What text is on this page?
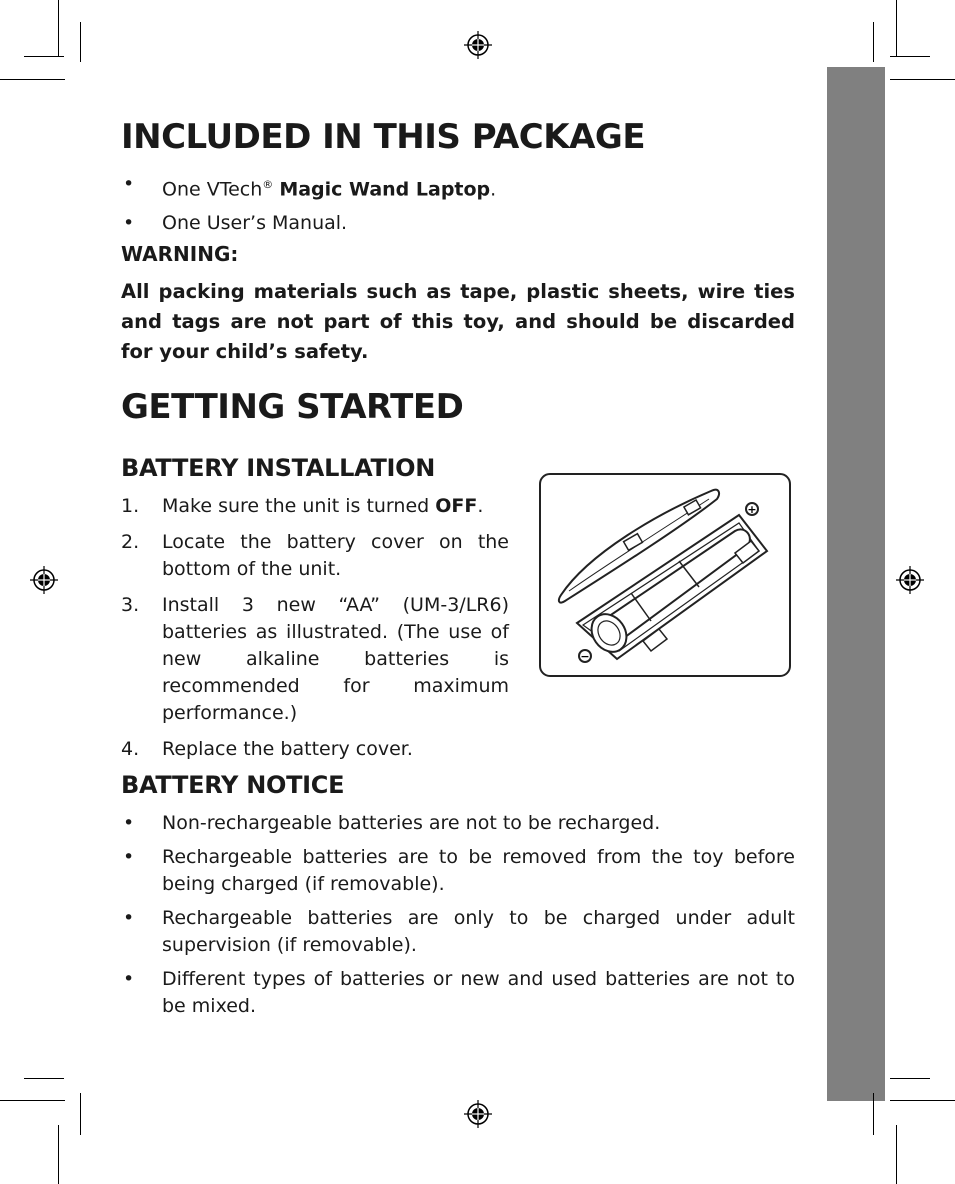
INCLUDED IN THIS PACKAGE
• One VTech® Magic Wand Laptop.
• One User’s Manual.
WARNING:
All packing materials such as tape, plastic sheets, wire ties and tags are not part of this toy, and should be discarded for your child’s safety.
GETTING STARTED
BATTERY INSTALLATION
1. Make sure the unit is turned OFF.
2. Locate the battery cover on the bottom of the unit.
3. Install 3 new “AA” (UM-3/LR6) batteries as illustrated. (The use of new alkaline batteries is recommended for maximum performance.)
4. Replace the battery cover.
BATTERY NOTICE
• Non-rechargeable batteries are not to be recharged.
• Rechargeable batteries are to be removed from the toy before being charged (if removable).
• Rechargeable batteries are only to be charged under adult supervision (if removable).
• Different types of batteries or new and used batteries are not to be mixed.
+
−
